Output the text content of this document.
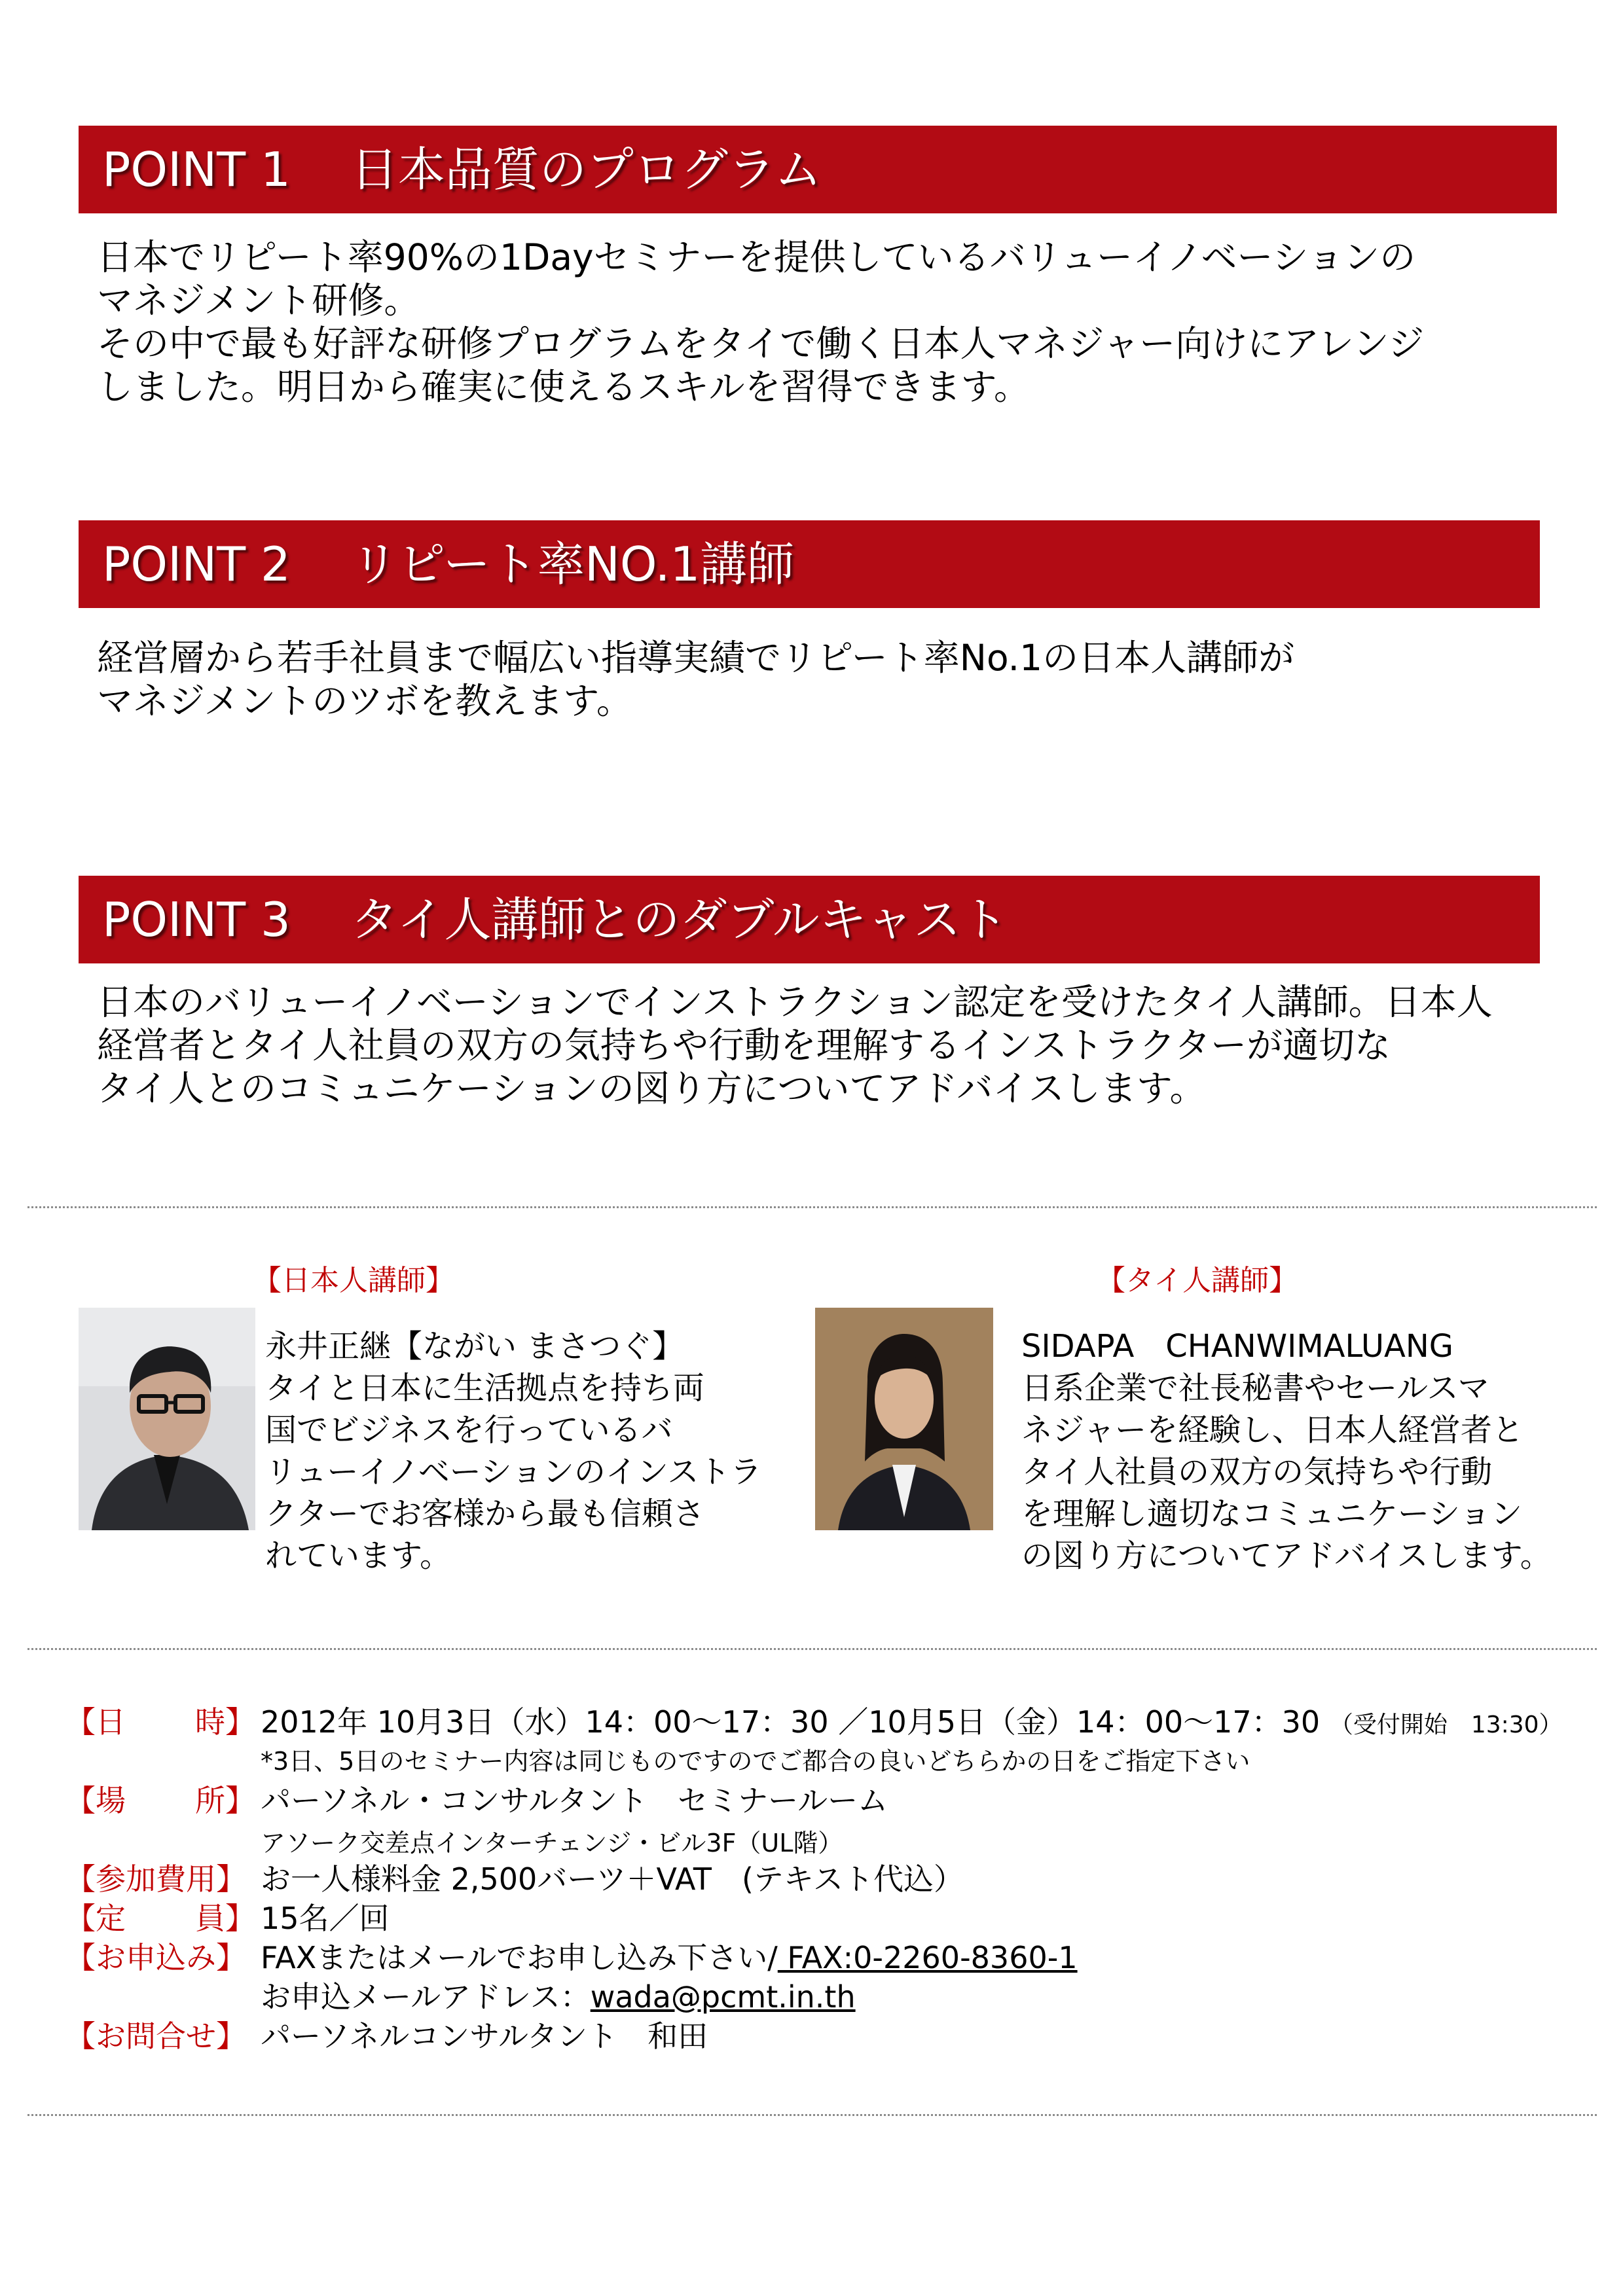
POINT 1 日本品質のプログラム

日本でリピート率90%の1Dayセミナーを提供しているバリューイノベーションの

マネジメント研修。

その中で最も好評な研修プログラムをタイで働く日本人マネジャー向けにアレンジ

しました。明日から確実に使えるスキルを習得できます。

POINT 2 リピート率NO.1講師

経営層から若手社員まで幅広い指導実績でリピート率No.1の日本人講師が

マネジメントのツボを教えます。

POINT 3 タイ人講師とのダブルキャスト

日本のバリューイノベーションでインストラクション認定を受けたタイ人講師。日本人

経営者とタイ人社員の双方の気持ちや行動を理解するインストラクターが適切な

タイ人とのコミュニケーションの図り方についてアドバイスします。

【日本人講師】	【タイ人講師】

永井正継【ながい まさつぐ】

タイと日本に生活拠点を持ち両

国でビジネスを行っているバ

リューイノベーションのインストラ

クターでお客様から最も信頼さ

れています。

SIDAPA　CHANWIMALUANG

日系企業で社長秘書やセールスマ

ネジャーを経験し、日本人経営者と

タイ人社員の双方の気持ちや行動

を理解し適切なコミュニケーション

の図り方についてアドバイスします。

【日 時】 2012年 10月3日（水）14：00～17：30 ／10月5日（金）14：00～17：30 （受付開始　13:30）
*3日、5日のセミナー内容は同じものですのでご都合の良いどちらかの日をご指定下さい
【場 所】 パーソネル・コンサルタント　セミナールーム
アソーク交差点インターチェンジ・ビル3F（UL階）
【参加費用】 お一人様料金 2,500バーツ＋VAT　(テキスト代込）
【定 員】 15名／回
【お申込み】 FAXまたはメールでお申し込み下さい/ FAX:0-2260-8360-1
お申込メールアドレス：wada@pcmt.in.th
【お問合せ】 パーソネルコンサルタント　和田
